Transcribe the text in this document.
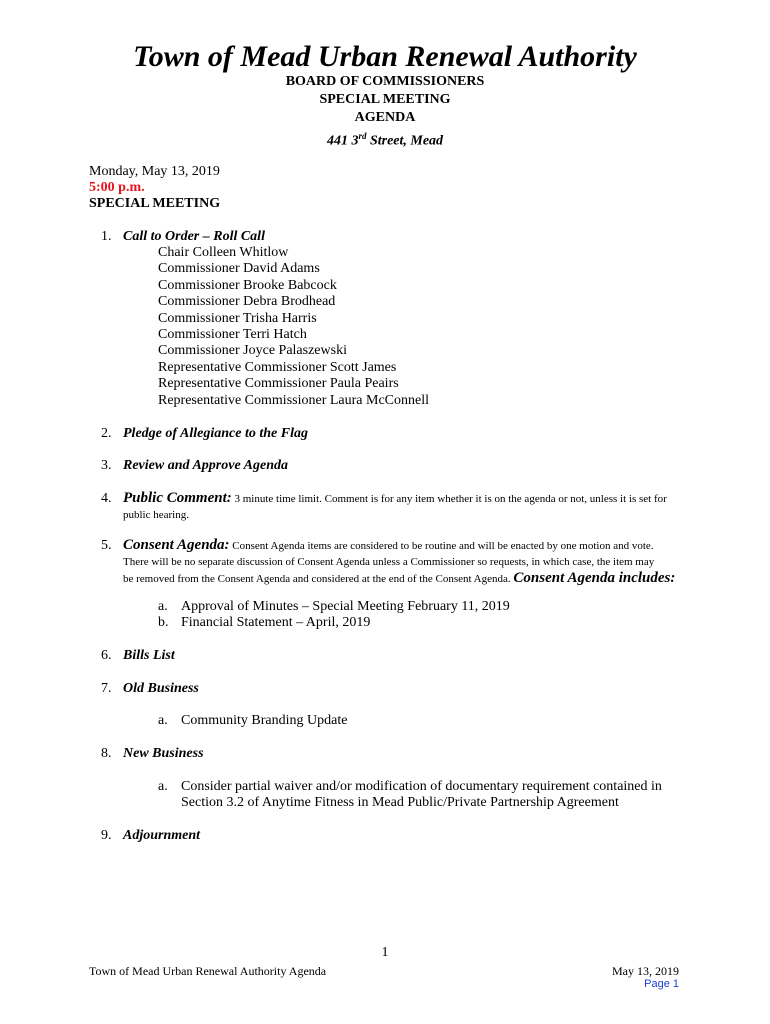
Town of Mead Urban Renewal Authority
BOARD OF COMMISSIONERS
SPECIAL MEETING
AGENDA
441 3rd Street, Mead
Monday, May 13, 2019
5:00 p.m.
SPECIAL MEETING
1. Call to Order – Roll Call
Chair Colleen Whitlow
Commissioner David Adams
Commissioner Brooke Babcock
Commissioner Debra Brodhead
Commissioner Trisha Harris
Commissioner Terri Hatch
Commissioner Joyce Palaszewski
Representative Commissioner Scott James
Representative Commissioner Paula Peairs
Representative Commissioner Laura McConnell
2. Pledge of Allegiance to the Flag
3. Review and Approve Agenda
4. Public Comment: 3 minute time limit. Comment is for any item whether it is on the agenda or not, unless it is set for
public hearing.
5. Consent Agenda: Consent Agenda items are considered to be routine and will be enacted by one motion and vote.
There will be no separate discussion of Consent Agenda unless a Commissioner so requests, in which case, the item may
be removed from the Consent Agenda and considered at the end of the Consent Agenda. Consent Agenda includes:
a. Approval of Minutes – Special Meeting February 11, 2019
b. Financial Statement – April, 2019
6. Bills List
7. Old Business
a. Community Branding Update
8. New Business
a. Consider partial waiver and/or modification of documentary requirement contained in
Section 3.2 of Anytime Fitness in Mead Public/Private Partnership Agreement
9. Adjournment
1
Town of Mead Urban Renewal Authority Agenda	May 13, 2019
Page 1
